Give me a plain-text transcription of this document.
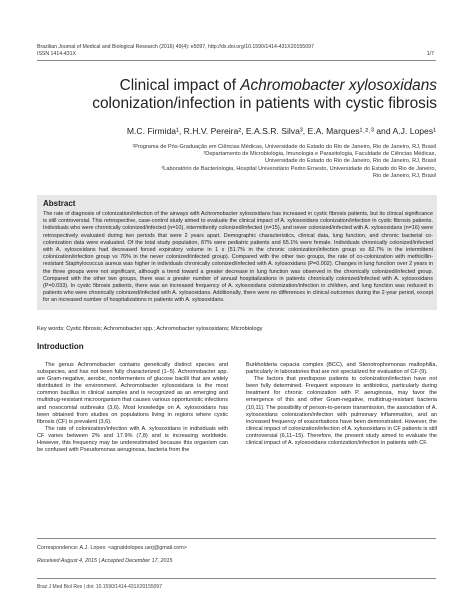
Brazilian Journal of Medical and Biological Research (2016) 49(4): e5097, http://dx.doi.org/10.1590/1414-431X20155097
ISSN 1414-431X	1/7
Clinical impact of Achromobacter xylosoxidans
colonization/infection in patients with cystic fibrosis
M.C. Firmida¹, R.H.V. Pereira², E.A.S.R. Silva³, E.A. Marques¹˒²˒³ and A.J. Lopes¹
¹Programa de Pós-Graduação em Ciências Médicas, Universidade do Estado do Rio de Janeiro, Rio de Janeiro, RJ, Brasil
²Departamento de Microbiologia, Imunologia e Parasitologia, Faculdade de Ciências Médicas,
Universidade do Estado do Rio de Janeiro, Rio de Janeiro, RJ, Brasil
³Laboratório de Bacteriologia, Hospital Universitário Pedro Ernesto, Universidade do Estado do Rio de Janeiro,
Rio de Janeiro, RJ, Brasil
Abstract
The rate of diagnosis of colonization/infection of the airways with Achromobacter xylosoxidans has increased in cystic fibrosis patients, but its clinical significance is still controversial. This retrospective, case-control study aimed to evaluate the clinical impact of A. xylosoxidans colonization/infection in cystic fibrosis patients. Individuals who were chronically colonized/infected (n=10), intermittently colonized/infected (n=15), and never colonized/infected with A. xylosoxidans (n=16) were retrospectively evaluated during two periods that were 2 years apart. Demographic characteristics, clinical data, lung function, and chronic bacterial co-colonization data were evaluated. Of the total study population, 87% were pediatric patients and 65.1% were female. Individuals chronically colonized/infected with A. xylosoxidans had decreased forced expiratory volume in 1 s (51.7% in the chronic colonization/infection group vs 82.7% in the intermittent colonization/infection group vs 76% in the never colonized/infected group). Compared with the other two groups, the rate of co-colonization with methicillin-resistant Staphylococcus aureus was higher in individuals chronically colonized/infected with A. xylosoxidans (P=0.002). Changes in lung function over 2 years in the three groups were not significant, although a trend toward a greater decrease in lung function was observed in the chronically colonized/infected group. Compared with the other two groups, there was a greater number of annual hospitalizations in patients chronically colonized/infected with A. xylosoxidans (P=0.033). In cystic fibrosis patients, there was an increased frequency of A. xylosoxidans colonization/infection in children, and lung function was reduced in patients who were chronically colonized/infected with A. xylosoxidans. Additionally, there were no differences in clinical outcomes during the 2-year period, except for an increased number of hospitalizations in patients with A. xylosoxidans.
Key words: Cystic fibrosis; Achromobacter spp.; Achromobacter xylosoxidans; Microbiology
Introduction

The genus Achromobacter contains genetically distinct species and subspecies, and has not been fully characterized (1–5). Achromobacter spp. are Gram-negative, aerobic, nonfermenters of glucose bacilli that are widely distributed in the environment. Achromobacter xylosoxidans is the most common bacillus in clinical samples and is recognized as an emerging and multidrug-resistant microorganism that causes various opportunistic infections and nosocomial outbreaks (3,6). Most knowledge on A. xylosoxidans has been obtained from studies on populations living in regions where cystic fibrosis (CF) is prevalent (3,6).

The rate of colonization/infection with A. xylosoxidans in individuals with CF varies between 2% and 17.9% (7,8) and is increasing worldwide. However, this frequency may be underestimated because this organism can be confused with Pseudomonas aeruginosa, bacteria from the

Burkholderia cepacia complex (BCC), and Stenotrophomonas maltophilia, particularly in laboratories that are not specialized for evaluation of CF (9).

The factors that predispose patients to colonization/infection have not been fully determined. Frequent exposure to antibiotics, particularly during treatment for chronic colonization with P. aeruginosa, may favor the emergence of this and other Gram-negative, multidrug-resistant bacteria (10,11). The possibility of person-to-person transmission, the association of A. xylosoxidans colonization/infection with pulmonary inflammation, and an increased frequency of exacerbations have been demonstrated. However, the clinical impact of colonization/infection of A. xylosoxidans in CF patients is still controversial (6,11–15). Therefore, the present study aimed to evaluate the clinical impact of A. xylosoxidans colonization/infection in patients with CF.

Correspondence: A.J. Lopes: <agnaldolopes.uerj@gmail.com>
Received August 4, 2015 | Accepted December 17, 2015
Braz J Med Biol Res | doi: 10.1590/1414-431X20155097
